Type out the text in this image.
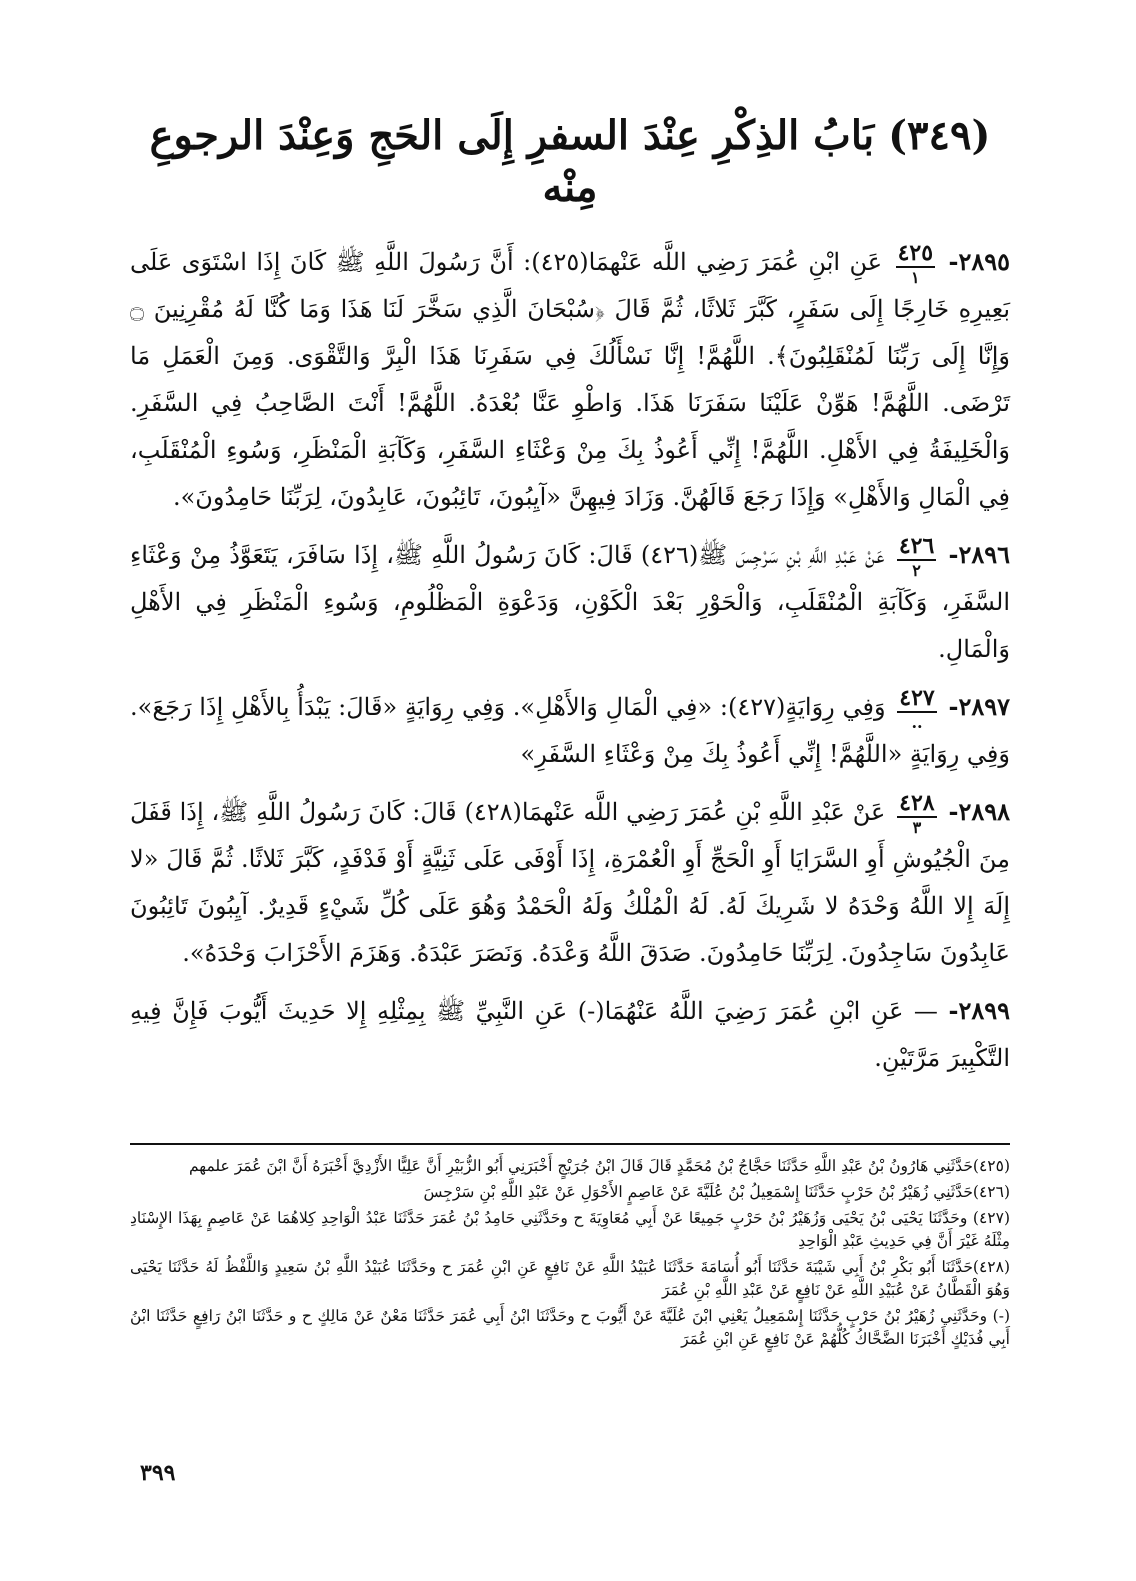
(٣٤٩) بَابُ الذِكْرِ عِنْدَ السفرِ إِلَى الحَجِ وَعِنْدَ الرجوعِ مِنْه

٢٨٩٥-
٤٢٥
١
عَنِ ابْنِ عُمَرَ رَضِي اللَّه عَنْهمَا(٤٢٥): أَنَّ رَسُولَ اللَّهِ ﷺ كَانَ إِذَا اسْتَوَى عَلَى بَعِيرِهِ خَارِجًا إِلَى سَفَرٍ، كَبَّرَ ثَلاثًا، ثُمَّ قَالَ ﴿سُبْحَانَ الَّذِي سَخَّرَ لَنَا هَذَا وَمَا كُنَّا لَهُ مُقْرِنِينَ ۝ وَإِنَّا إِلَى رَبِّنَا لَمُنْقَلِبُونَ﴾. اللَّهُمَّ! إِنَّا نَسْأَلُكَ فِي سَفَرِنَا هَذَا الْبِرَّ وَالتَّقْوَى. وَمِنَ الْعَمَلِ مَا تَرْضَى. اللَّهُمَّ! هَوِّنْ عَلَيْنَا سَفَرَنَا هَذَا. وَاطْوِ عَنَّا بُعْدَهُ. اللَّهُمَّ! أَنْتَ الصَّاحِبُ فِي السَّفَرِ. وَالْخَلِيفَةُ فِي الأَهْلِ. اللَّهُمَّ! إِنِّي أَعُوذُ بِكَ مِنْ وَعْثَاءِ السَّفَرِ، وَكَآبَةِ الْمَنْظَرِ، وَسُوءِ الْمُنْقَلَبِ، فِي الْمَالِ وَالأَهْلِ» وَإِذَا رَجَعَ قَالَهُنَّ. وَزَادَ فِيهِنَّ «آيِبُونَ، تَائِبُونَ، عَابِدُونَ، لِرَبِّنَا حَامِدُونَ».

٢٨٩٦-
٤٢٦
٢
عَنْ عَبْدِ اللَّهِ بْنِ سَرْجِسَ ﷺ(٤٢٦) قَالَ: كَانَ رَسُولُ اللَّهِ ﷺ، إِذَا سَافَرَ، يَتَعَوَّذُ مِنْ وَعْثَاءِ السَّفَرِ، وَكَآبَةِ الْمُنْقَلَبِ، وَالْحَوْرِ بَعْدَ الْكَوْنِ، وَدَعْوَةِ الْمَظْلُومِ، وَسُوءِ الْمَنْظَرِ فِي الأَهْلِ وَالْمَالِ.

٢٨٩٧-
٤٢٧
..
وَفِي رِوَايَةٍ(٤٢٧): «فِي الْمَالِ وَالأَهْلِ». وَفِي رِوَايَةٍ «قَالَ: يَبْدَأُ بِالأَهْلِ إِذَا رَجَعَ». وَفِي رِوَايَةٍ «اللَّهُمَّ! إِنِّي أَعُوذُ بِكَ مِنْ وَعْثَاءِ السَّفَرِ»

٢٨٩٨-
٤٢٨
٣
عَنْ عَبْدِ اللَّهِ بْنِ عُمَرَ رَضِي اللَّه عَنْهمَا(٤٢٨) قَالَ: كَانَ رَسُولُ اللَّهِ ﷺ، إِذَا قَفَلَ مِنَ الْجُيُوشِ أَوِ السَّرَايَا أَوِ الْحَجِّ أَوِ الْعُمْرَةِ، إِذَا أَوْفَى عَلَى ثَنِيَّةٍ أَوْ فَدْفَدٍ، كَبَّرَ ثَلاثًا. ثُمَّ قَالَ «لا إِلَهَ إِلا اللَّهُ وَحْدَهُ لا شَرِيكَ لَهُ. لَهُ الْمُلْكُ وَلَهُ الْحَمْدُ وَهُوَ عَلَى كُلِّ شَيْءٍ قَدِيرٌ. آيِبُونَ تَائِبُونَ عَابِدُونَ سَاجِدُونَ. لِرَبِّنَا حَامِدُونَ. صَدَقَ اللَّهُ وَعْدَهُ. وَنَصَرَ عَبْدَهُ. وَهَزَمَ الأَحْزَابَ وَحْدَهُ».

٢٨٩٩- — عَنِ ابْنِ عُمَرَ رَضِيَ اللَّهُ عَنْهُمَا(-) عَنِ النَّبِيِّ ﷺ بِمِثْلِهِ إِلا حَدِيثَ أَيُّوبَ فَإِنَّ فِيهِ التَّكْبِيرَ مَرَّتَيْنِ.

(٤٢٥)حَدَّثَنِي هَارُونُ بْنُ عَبْدِ اللَّهِ حَدَّثَنَا حَجَّاجُ بْنُ مُحَمَّدٍ قَالَ قَالَ ابْنُ جُرَيْجٍ أَخْبَرَنِي أَبُو الزُّبَيْرِ أَنَّ عَلِيًّا الأَزْدِيَّ أَخْبَرَهُ أَنَّ ابْنَ عُمَرَ علمهم

(٤٢٦)حَدَّثَنِي زُهَيْرُ بْنُ حَرْبٍ حَدَّثَنَا إِسْمَعِيلُ بْنُ عُلَيَّةَ عَنْ عَاصِمٍ الأَحْوَلِ عَنْ عَبْدِ اللَّهِ بْنِ سَرْجِسَ

(٤٢٧) وحَدَّثَنَا يَحْيَى بْنُ يَحْيَى وَزُهَيْرُ بْنُ حَرْبٍ جَمِيعًا عَنْ أَبِي مُعَاوِيَةَ ح وحَدَّثَنِي حَامِدُ بْنُ عُمَرَ حَدَّثَنَا عَبْدُ الْوَاحِدِ كِلاهُمَا عَنْ عَاصِمٍ بِهَذَا الإِسْنَادِ مِثْلَهُ غَيْرَ أَنَّ فِي حَدِيثِ عَبْدِ الْوَاحِدِ

(٤٢٨)حَدَّثَنَا أَبُو بَكْرِ بْنُ أَبِي شَيْبَةَ حَدَّثَنَا أَبُو أُسَامَةَ حَدَّثَنَا عُبَيْدُ اللَّهِ عَنْ نَافِعٍ عَنِ ابْنِ عُمَرَ ح وحَدَّثَنَا عُبَيْدُ اللَّهِ بْنُ سَعِيدٍ وَاللَّفْظُ لَهُ حَدَّثَنَا يَحْيَى وَهُوَ الْقَطَّانُ عَنْ عُبَيْدِ اللَّهِ عَنْ نَافِعٍ عَنْ عَبْدِ اللَّهِ بْنِ عُمَرَ

(-) وحَدَّثَنِي زُهَيْرُ بْنُ حَرْبٍ حَدَّثَنَا إِسْمَعِيلُ يَعْنِي ابْنَ عُلَيَّةَ عَنْ أَيُّوبَ ح وحَدَّثَنَا ابْنُ أَبِي عُمَرَ حَدَّثَنَا مَعْنٌ عَنْ مَالِكٍ ح و حَدَّثَنَا ابْنُ رَافِعٍ حَدَّثَنَا ابْنُ أَبِي فُدَيْكٍ أَخْبَرَنَا الضَّحَّاكُ كُلُّهُمْ عَنْ نَافِعٍ عَنِ ابْنِ عُمَرَ

٣٩٩
